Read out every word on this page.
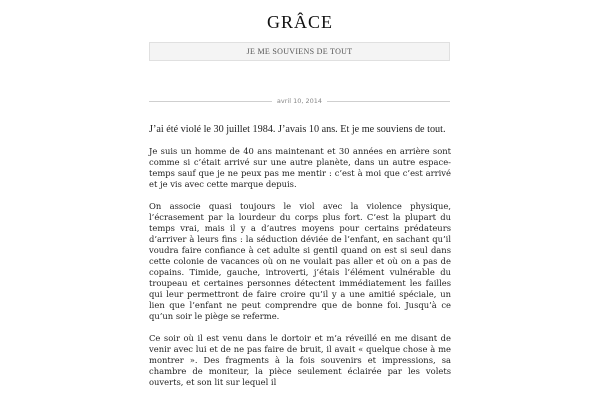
GRÂCE
JE ME SOUVIENS DE TOUT
avril 10, 2014

J’ai été violé le 30 juillet 1984. J’avais 10 ans. Et je me souviens de tout.

Je suis un homme de 40 ans maintenant et 30 années en arrière sont comme si c’était arrivé sur une autre planète, dans un autre espace-temps sauf que je ne peux pas me mentir : c’est à moi que c’est arrivé et je vis avec cette marque depuis.

On associe quasi toujours le viol avec la violence physique, l’écrasement par la lourdeur du corps plus fort. C’est la plupart du temps vrai, mais il y a d’autres moyens pour certains prédateurs d’arriver à leurs fins : la séduction déviée de l’enfant, en sachant qu’il voudra faire confiance à cet adulte si gentil quand on est si seul dans cette colonie de vacances où on ne voulait pas aller et où on a pas de copains. Timide, gauche, introverti, j’étais l’élément vulnérable du troupeau et certaines personnes détectent immédiatement les failles qui leur permettront de faire croire qu’il y a une amitié spéciale, un lien que l’enfant ne peut comprendre que de bonne foi. Jusqu’à ce qu’un soir le piège se referme.

Ce soir où il est venu dans le dortoir et m’a réveillé en me disant de venir avec lui et de ne pas faire de bruit, il avait « quelque chose à me montrer ». Des fragments à la fois souvenirs et impressions, sa chambre de moniteur, la pièce seulement éclairée par les volets ouverts, et son lit sur lequel il
